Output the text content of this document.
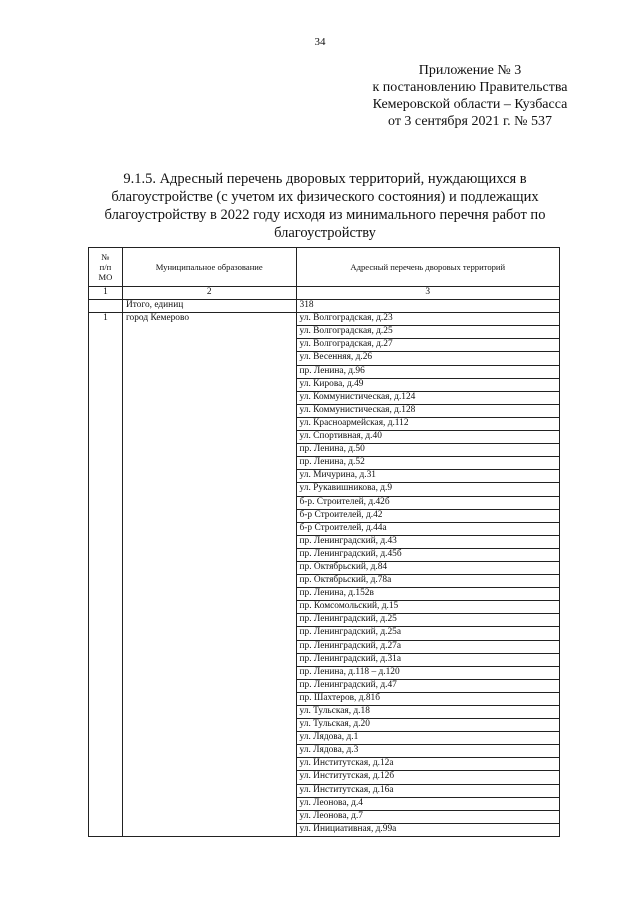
34
Приложение № 3
к постановлению Правительства
Кемеровской области – Кузбасса
от 3 сентября 2021 г. № 537
9.1.5. Адресный перечень дворовых территорий, нуждающихся в
благоустройстве (с учетом их физического состояния) и подлежащих
благоустройству в 2022 году исходя из минимального перечня работ по
благоустройству
№
п/п
МО	Муниципальное образование	Адресный перечень дворовых территорий
1	2	3
	Итого, единиц	318
1	город Кемерово	ул. Волгоградская, д.23
		ул. Волгоградская, д.25
		ул. Волгоградская, д.27
		ул. Весенняя, д.26
		пр. Ленина, д.96
		ул. Кирова, д.49
		ул. Коммунистическая, д.124
		ул. Коммунистическая, д.128
		ул. Красноармейская, д.112
		ул. Спортивная, д.40
		пр. Ленина, д.50
		пр. Ленина, д.52
		ул. Мичурина, д.31
		ул. Рукавишникова, д.9
		б-р. Строителей, д.42б
		б-р Строителей, д.42
		б-р Строителей, д.44а
		пр. Ленинградский, д.43
		пр. Ленинградский, д.45б
		пр. Октябрьский, д.84
		пр. Октябрьский, д.78а
		пр. Ленина, д.152в
		пр. Комсомольский, д.15
		пр. Ленинградский, д.25
		пр. Ленинградский, д.25а
		пр. Ленинградский, д.27а
		пр. Ленинградский, д.31а
		пр. Ленина, д.118 – д.120
		пр. Ленинградский, д.47
		пр. Шахтеров, д.81б
		ул. Тульская, д.18
		ул. Тульская, д.20
		ул. Лядова, д.1
		ул. Лядова, д.3
		ул. Институтская, д.12а
		ул. Институтская, д.12б
		ул. Институтская, д.16а
		ул. Леонова, д.4
		ул. Леонова, д.7
		ул. Инициативная, д.99а
